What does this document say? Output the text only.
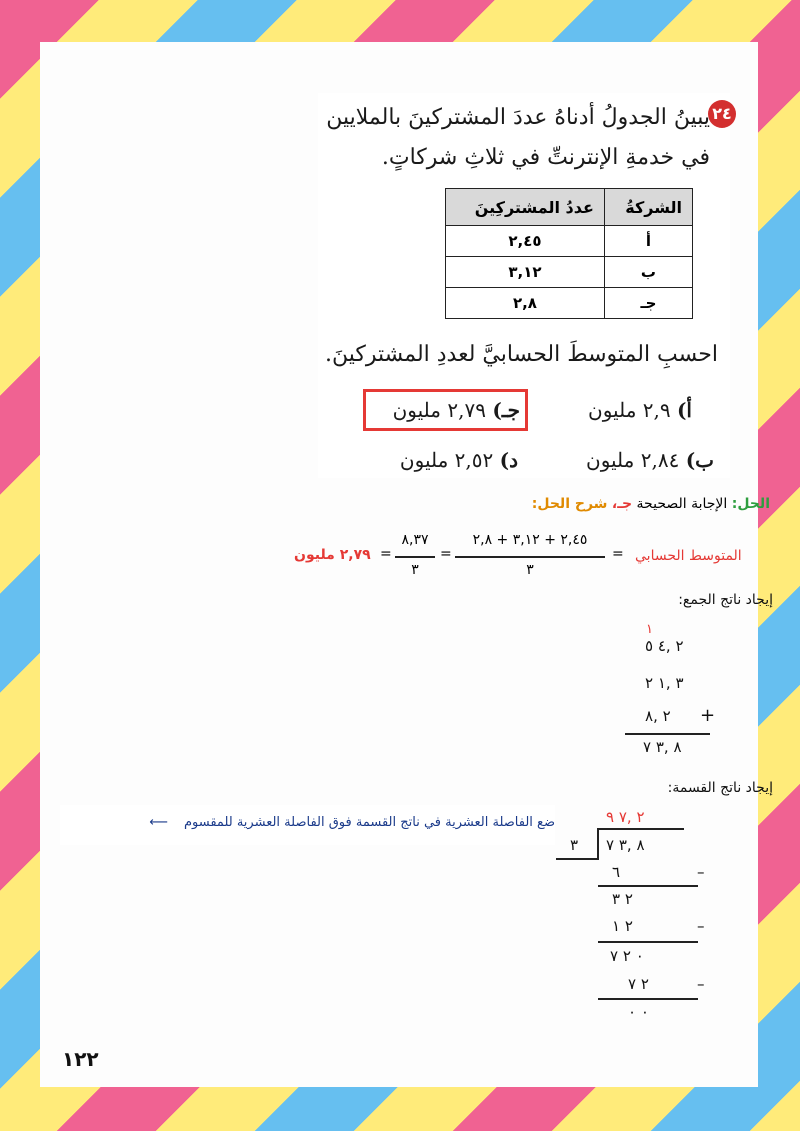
٢٤
يبينُ الجدولُ أدناهُ عددَ المشتركينَ بالملايين في خدمةِ الإنترنتِّ في ثلاثِ شركاتٍ.
الشركةُ	عددُ المشتركِينَ
أ	٢,٤٥
ب	٣,١٢
جـ	٢,٨
احسبِ المتوسطَ الحسابيَّ لعددِ المشتركينَ.
أ) ٢,٩ مليون
جـ) ٢,٧٩ مليون
ب) ٢,٨٤ مليون
د) ٢,٥٢ مليون
الحل: الإجابة الصحيحة جـ، شرح الحل:
المتوسط الحسابي
=
٢,٤٥ + ٣,١٢ + ٢,٨
٣
=
٨,٣٧
٣
=
٢,٧٩ مليون
إيجاد ناتج الجمع:
١
٢ ,٤ ٥
٣ ,١ ٢
٢ ,٨ +
٨ ,٣ ٧
إيجاد ناتج القسمة:
ضع الفاصلة العشرية في ناتج القسمة فوق الفاصلة العشرية للمقسوم ⟵	٢ ,٧ ٩
٣ ٨ ,٣ ٧
٦	–
٢ ٣
٢ ١	–
٠ ٢ ٧
٢ ٧	–
٠ ٠
١٢٢
